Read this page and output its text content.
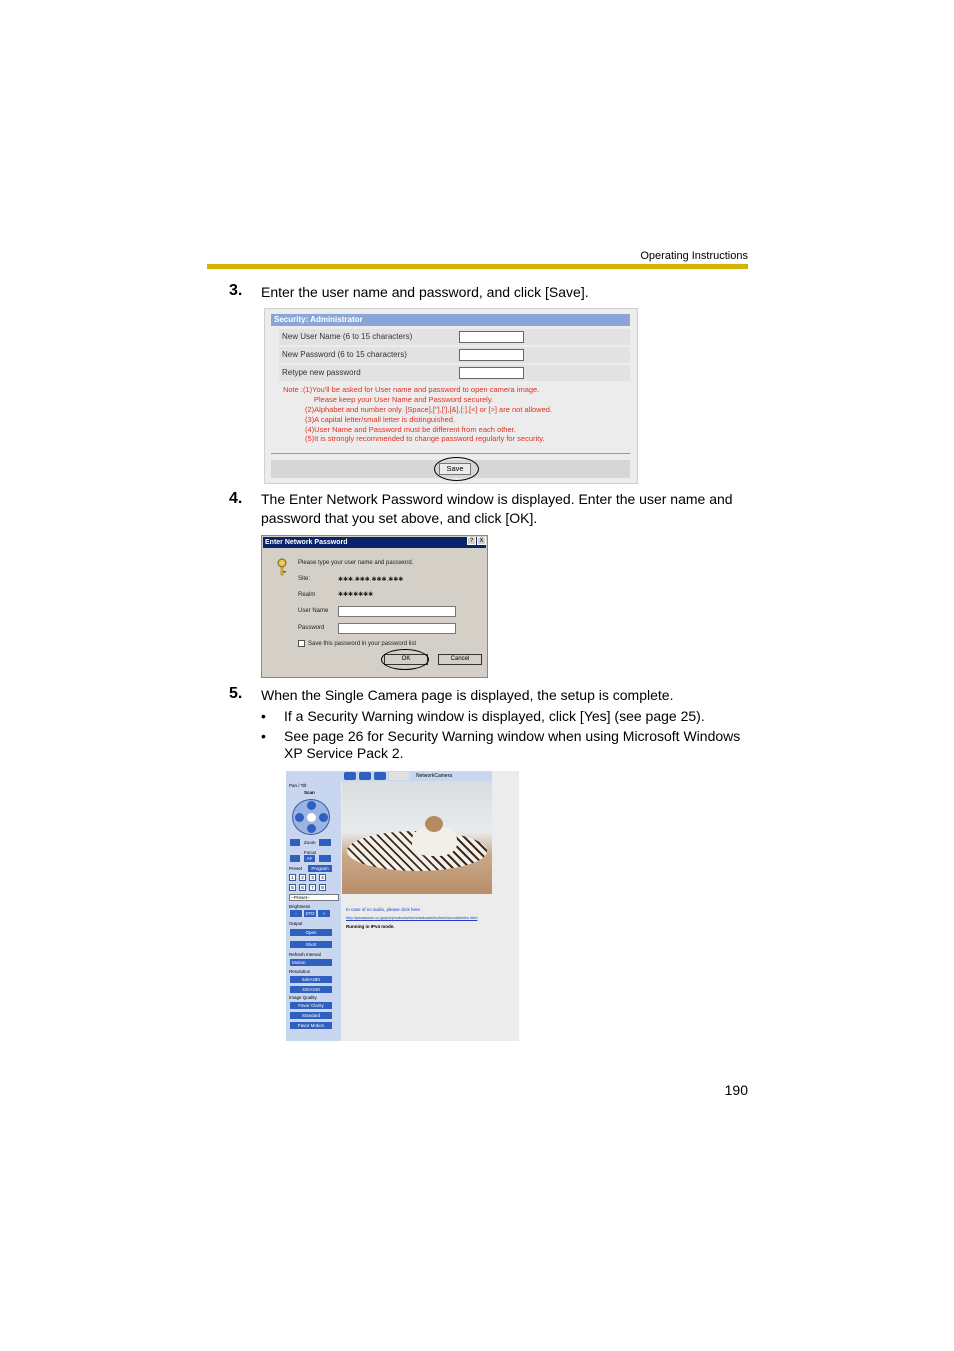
Operating Instructions
3. Enter the user name and password, and click [Save].
Security: Administrator
New User Name (6 to 15 characters)
New Password (6 to 15 characters)
Retype new password
Note :(1)You'll be asked for User name and password to open camera image.
Please keep your User Name and Password securely.
(2)Alphabet and number only. [Space],["],['],[&],[:],[<] or [>] are not allowed.
(3)A capital letter/small letter is distinguished.
(4)User Name and Password must be different from each other.
(5)It is strongly recommended to change password regularly for security.
Save
4. The Enter Network Password window is displayed. Enter the user name and password that you set above, and click [OK].
Enter Network Password	?	X
Please type your user name and password.
Site:	✱✱✱.✱✱✱.✱✱✱.✱✱✱
Realm	✱✱✱✱✱✱✱
User Name
Password
Save this password in your password list
OK	Cancel
5. When the Single Camera page is displayed, the setup is complete.
• If a Security Warning window is displayed, click [Yes] (see page 25).
• See page 26 for Security Warning window when using Microsoft Windows XP Service Pack 2.
Pan / Tilt
Scan
Zoom
Focus
AF
Preset	Program
1	2	3	4
5	6	7	8
--Preset--
Brightness
-	STD	+
Output
Open
Short
Refresh Interval
Motion
Resolution
640×480
320×240
Image Quality
Favor Clarity
Standard
Favor Motion
NetworkCamera
In case of no audio, please click here.
http://panasonic.co.jp/pcc/products/en/netwkcam/technic/sound/index.html
Running in IPv4 mode.
190
